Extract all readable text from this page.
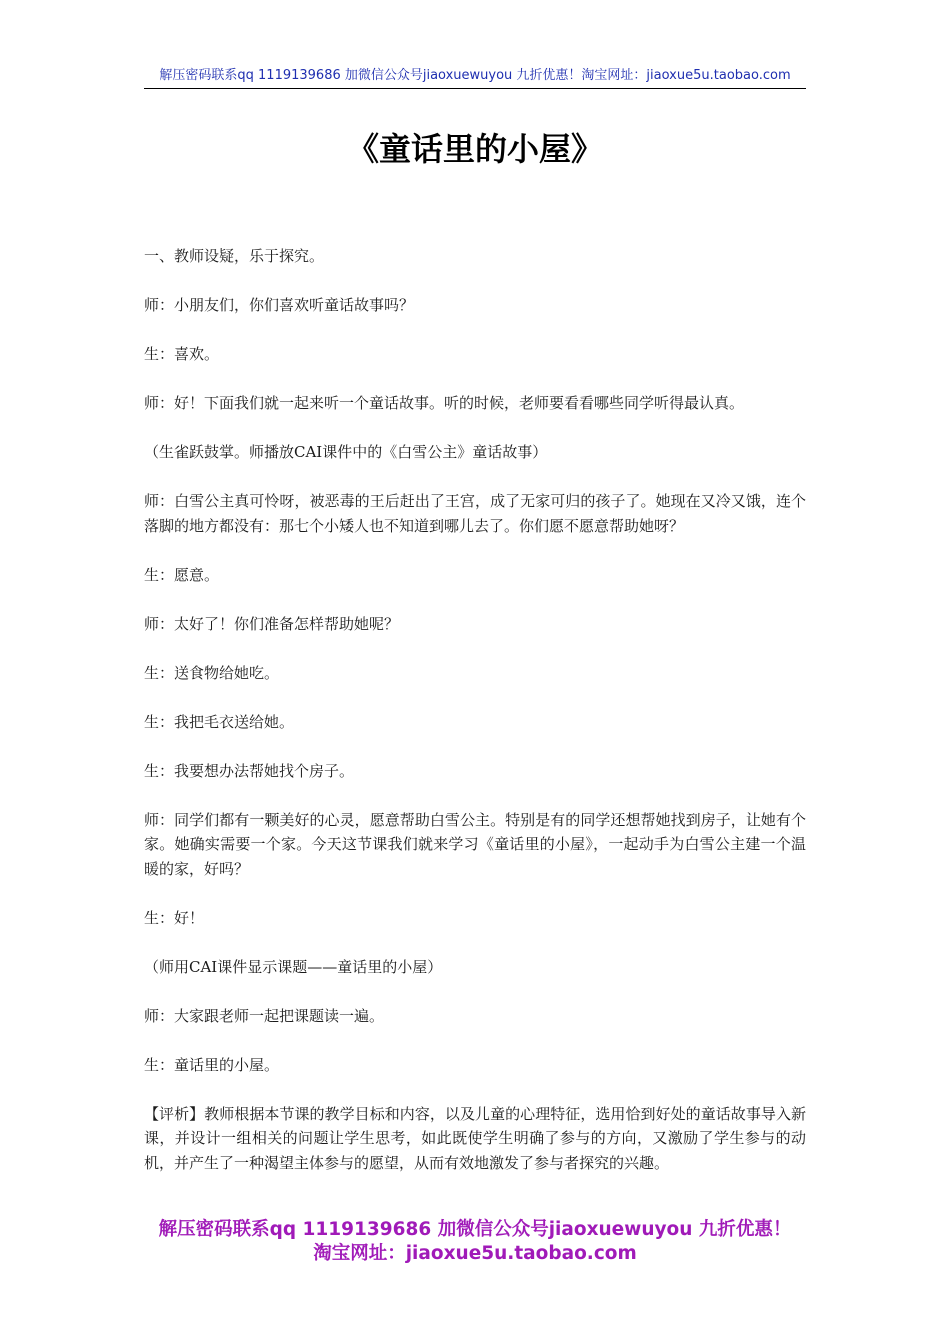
解压密码联系qq 1119139686 加微信公众号jiaoxuewuyou 九折优惠！淘宝网址：jiaoxue5u.taobao.com
《童话里的小屋》

一、教师设疑，乐于探究。

师：小朋友们，你们喜欢听童话故事吗？

生：喜欢。

师：好！下面我们就一起来听一个童话故事。听的时候，老师要看看哪些同学听得最认真。

（生雀跃鼓掌。师播放CAI课件中的《白雪公主》童话故事）

师：白雪公主真可怜呀，被恶毒的王后赶出了王宫，成了无家可归的孩子了。她现在又冷又饿，连个落脚的地方都没有：那七个小矮人也不知道到哪儿去了。你们愿不愿意帮助她呀？

生：愿意。

师：太好了！你们准备怎样帮助她呢？

生：送食物给她吃。

生：我把毛衣送给她。

生：我要想办法帮她找个房子。

师：同学们都有一颗美好的心灵，愿意帮助白雪公主。特别是有的同学还想帮她找到房子，让她有个家。她确实需要一个家。今天这节课我们就来学习《童话里的小屋》，一起动手为白雪公主建一个温暖的家，好吗？

生：好！

（师用CAI课件显示课题——童话里的小屋）

师：大家跟老师一起把课题读一遍。

生：童话里的小屋。

【评析】教师根据本节课的教学目标和内容，以及儿童的心理特征，选用恰到好处的童话故事导入新课，并设计一组相关的问题让学生思考，如此既使学生明确了参与的方向，又激励了学生参与的动机，并产生了一种渴望主体参与的愿望，从而有效地激发了参与者探究的兴趣。

解压密码联系qq 1119139686 加微信公众号jiaoxuewuyou 九折优惠！
淘宝网址：jiaoxue5u.taobao.com
